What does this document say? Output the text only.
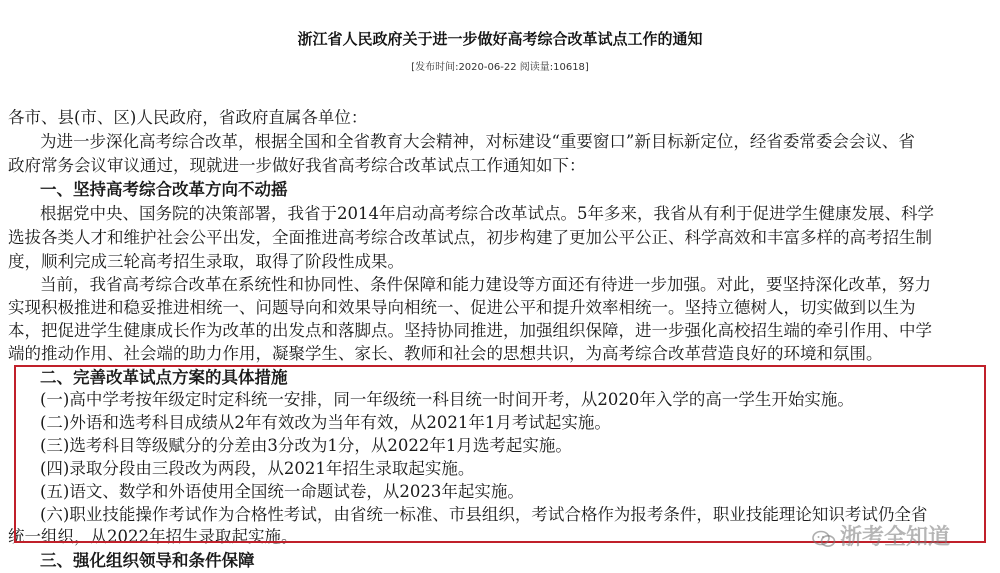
浙江省人民政府关于进一步做好高考综合改革试点工作的通知
[发布时间:2020-06-22 阅读量:10618]
各市、县(市、区)人民政府，省政府直属各单位：
为进一步深化高考综合改革，根据全国和全省教育大会精神，对标建设“重要窗口”新目标新定位，经省委常委会会议、省
政府常务会议审议通过，现就进一步做好我省高考综合改革试点工作通知如下：
一、坚持高考综合改革方向不动摇
根据党中央、国务院的决策部署，我省于2014年启动高考综合改革试点。5年多来，我省从有利于促进学生健康发展、科学
选拔各类人才和维护社会公平出发，全面推进高考综合改革试点，初步构建了更加公平公正、科学高效和丰富多样的高考招生制
度，顺利完成三轮高考招生录取，取得了阶段性成果。
当前，我省高考综合改革在系统性和协同性、条件保障和能力建设等方面还有待进一步加强。对此，要坚持深化改革，努力
实现积极推进和稳妥推进相统一、问题导向和效果导向相统一、促进公平和提升效率相统一。坚持立德树人，切实做到以生为
本，把促进学生健康成长作为改革的出发点和落脚点。坚持协同推进，加强组织保障，进一步强化高校招生端的牵引作用、中学
端的推动作用、社会端的助力作用，凝聚学生、家长、教师和社会的思想共识，为高考综合改革营造良好的环境和氛围。
二、完善改革试点方案的具体措施
(一)高中学考按年级定时定科统一安排，同一年级统一科目统一时间开考，从2020年入学的高一学生开始实施。
(二)外语和选考科目成绩从2年有效改为当年有效，从2021年1月考试起实施。
(三)选考科目等级赋分的分差由3分改为1分，从2022年1月选考起实施。
(四)录取分段由三段改为两段，从2021年招生录取起实施。
(五)语文、数学和外语使用全国统一命题试卷，从2023年起实施。
(六)职业技能操作考试作为合格性考试，由省统一标准、市县组织，考试合格作为报考条件，职业技能理论知识考试仍全省
统一组织，从2022年招生录取起实施。
三、强化组织领导和条件保障
浙考全知道
